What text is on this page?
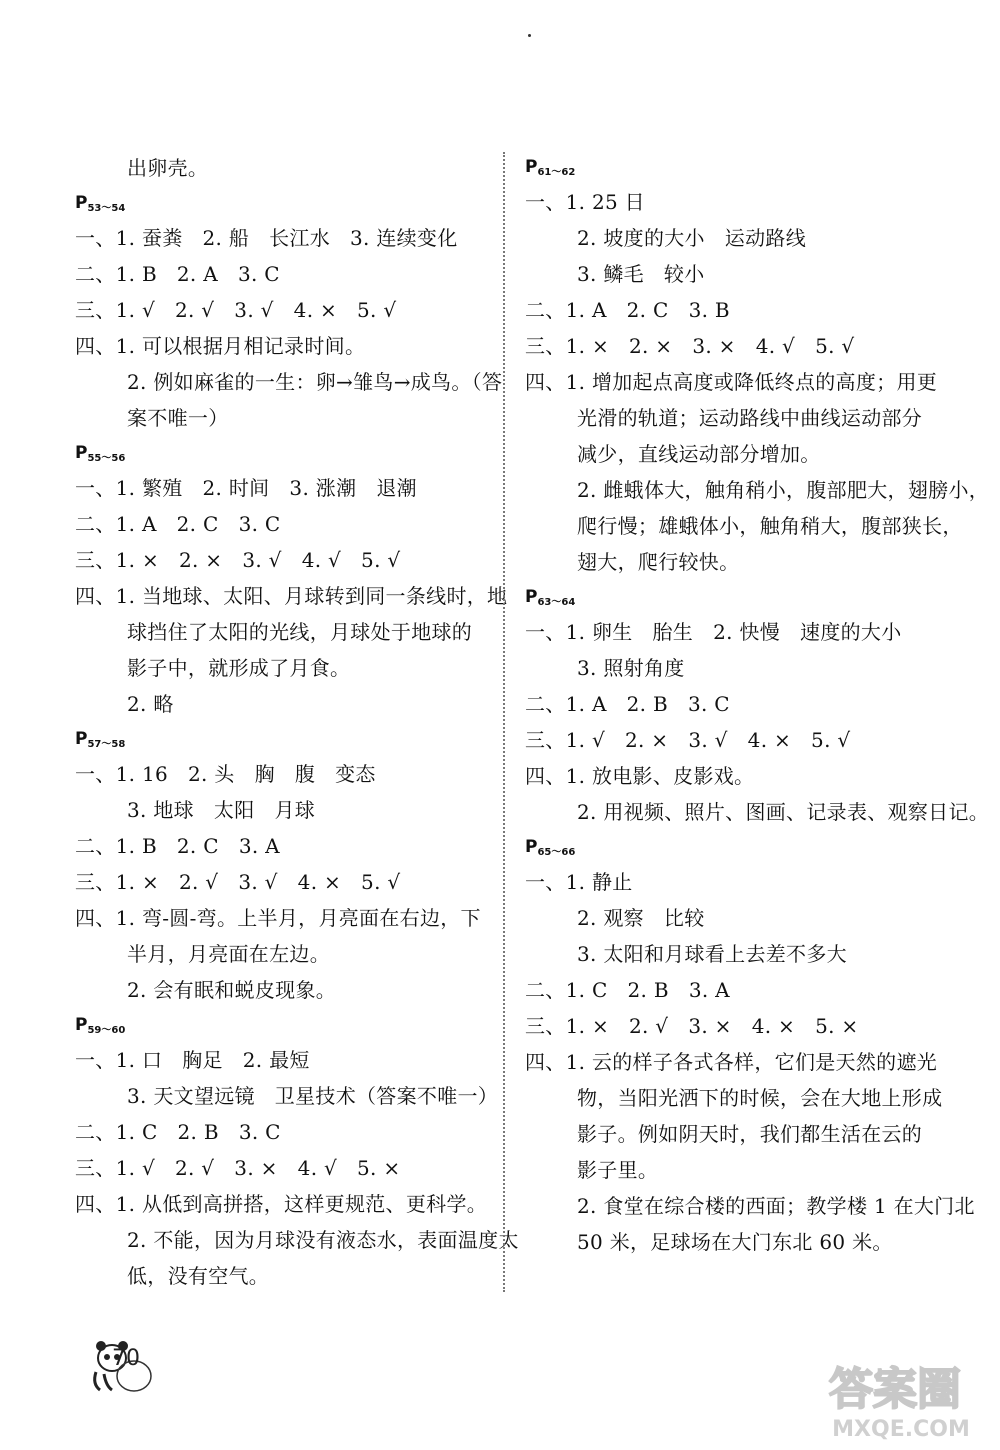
出卵壳。
$P_{53\sim 54}$
一、1. 蚕粪   2. 船   长江水   3. 连续变化
二、1. B   2. A   3. C
三、1. √   2. √   3. √   4. ×   5. √
四、1. 可以根据月相记录时间。
2. 例如麻雀的一生：卵→雏鸟→成鸟。（答
案不唯一）
$P_{55\sim 56}$
一、1. 繁殖   2. 时间   3. 涨潮   退潮
二、1. A   2. C   3. C
三、1. ×   2. ×   3. √   4. √   5. √
四、1. 当地球、太阳、月球转到同一条线时，地
球挡住了太阳的光线，月球处于地球的
影子中，就形成了月食。
2. 略
$P_{57\sim 58}$
一、1. 16   2. 头   胸   腹   变态
3. 地球   太阳   月球
二、1. B   2. C   3. A
三、1. ×   2. √   3. √   4. ×   5. √
四、1. 弯-圆-弯。上半月，月亮面在右边，下
半月，月亮面在左边。
2. 会有眠和蜕皮现象。
$P_{59\sim 60}$
一、1. 口   胸足   2. 最短
3. 天文望远镜   卫星技术（答案不唯一）
二、1. C   2. B   3. C
三、1. √   2. √   3. ×   4. √   5. ×
四、1. 从低到高拼搭，这样更规范、更科学。
2. 不能，因为月球没有液态水，表面温度太
低，没有空气。
$P_{61\sim 62}$
一、1. 25 日
2. 坡度的大小   运动路线
3. 鳞毛   较小
二、1. A   2. C   3. B
三、1. ×   2. ×   3. ×   4. √   5. √
四、1. 增加起点高度或降低终点的高度；用更
光滑的轨道；运动路线中曲线运动部分
减少，直线运动部分增加。
2. 雌蛾体大，触角稍小，腹部肥大，翅膀小，
爬行慢；雄蛾体小，触角稍大，腹部狭长，
翅大，爬行较快。
$P_{63\sim 64}$
一、1. 卵生   胎生   2. 快慢   速度的大小
3. 照射角度
二、1. A   2. B   3. C
三、1. √   2. ×   3. √   4. ×   5. √
四、1. 放电影、皮影戏。
2. 用视频、照片、图画、记录表、观察日记。
$P_{65\sim 66}$
一、1. 静止
2. 观察   比较
3. 太阳和月球看上去差不多大
二、1. C   2. B   3. A
三、1. ×   2. √   3. ×   4. ×   5. ×
四、1. 云的样子各式各样，它们是天然的遮光
物，当阳光洒下的时候，会在大地上形成
影子。例如阴天时，我们都生活在云的
影子里。
2. 食堂在综合楼的西面；教学楼 1 在大门北
50 米，足球场在大门东北 60 米。
70
答案圈
MXQE.COM
